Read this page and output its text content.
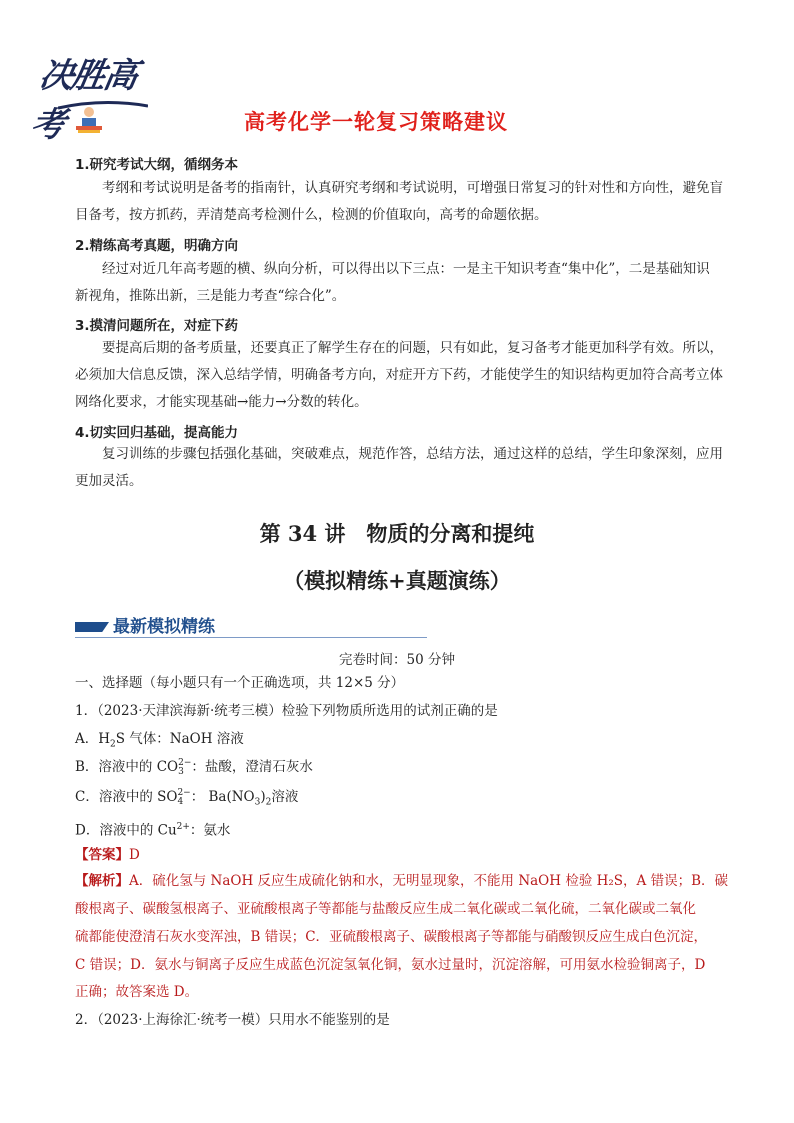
决胜高考	高考化学一轮复习策略建议
1.研究考试大纲，循纲务本
考纲和考试说明是备考的指南针，认真研究考纲和考试说明，可增强日常复习的针对性和方向性，避免盲目备考，按方抓药，弄清楚高考检测什么，检测的价值取向，高考的命题依据。
2.精练高考真题，明确方向
经过对近几年高考题的横、纵向分析，可以得出以下三点：一是主干知识考查“集中化”，二是基础知识新视角，推陈出新，三是能力考查“综合化”。
3.摸清问题所在，对症下药
要提高后期的备考质量，还要真正了解学生存在的问题，只有如此，复习备考才能更加科学有效。所以，必须加大信息反馈，深入总结学情，明确备考方向，对症开方下药，才能使学生的知识结构更加符合高考立体网络化要求，才能实现基础→能力→分数的转化。
4.切实回归基础，提高能力
复习训练的步骤包括强化基础，突破难点，规范作答，总结方法，通过这样的总结，学生印象深刻，应用更加灵活。
第 34 讲　物质的分离和提纯
（模拟精练+真题演练）
最新模拟精练
完卷时间：50 分钟
一、选择题（每小题只有一个正确选项，共 12×5 分）
1．（2023·天津滨海新·统考三模）检验下列物质所选用的试剂正确的是
A．$H_2S$ 气体：NaOH 溶液
B．溶液中的 CO 2−
3 ：盐酸，澄清石灰水
C．溶液中的 SO 2−
4 ： $Ba(NO_3)_2$溶液
D．溶液中的 $Cu^{2+}$：氨水
【答案】D
【解析】A．硫化氢与 NaOH 反应生成硫化钠和水，无明显现象，不能用 NaOH 检验 H₂S，A 错误；B．碳
酸根离子、碳酸氢根离子、亚硫酸根离子等都能与盐酸反应生成二氧化碳或二氧化硫，二氧化碳或二氧化
硫都能使澄清石灰水变浑浊，B 错误；C．亚硫酸根离子、碳酸根离子等都能与硝酸钡反应生成白色沉淀，
C 错误；D．氨水与铜离子反应生成蓝色沉淀氢氧化铜，氨水过量时，沉淀溶解，可用氨水检验铜离子，D
正确；故答案选 D。
2．（2023·上海徐汇·统考一模）只用水不能鉴别的是
